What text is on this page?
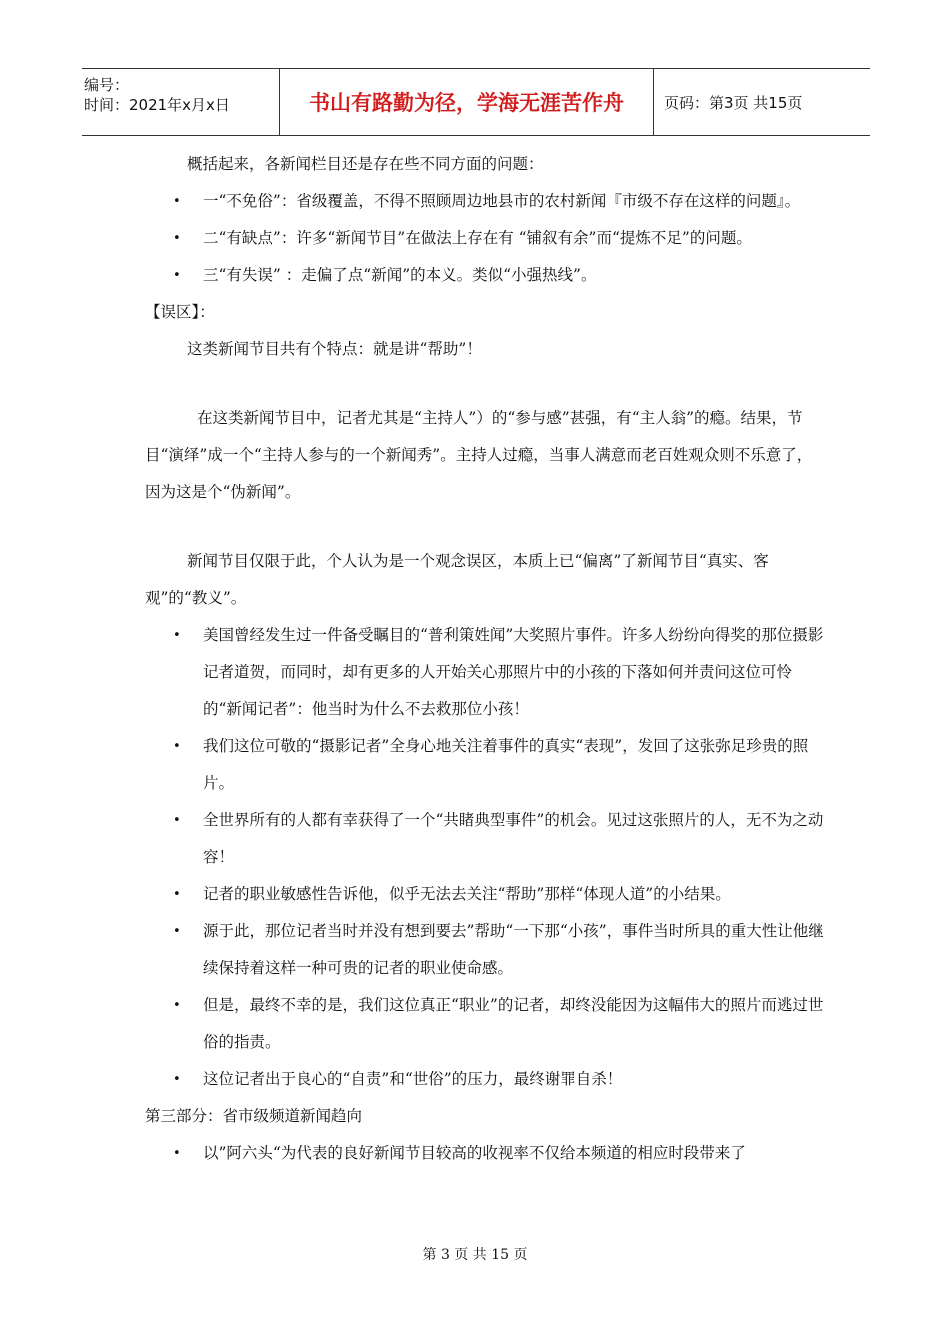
编号：
时间：2021年x月x日	书山有路勤为径，学海无涯苦作舟	页码：第3页 共15页

概括起来，各新闻栏目还是存在些不同方面的问题：

• 一“不免俗”：省级覆盖，不得不照顾周边地县市的农村新闻『市级不存在这样的问题』。

• 二“有缺点”：许多“新闻节目”在做法上存在有 “铺叙有余”而“提炼不足”的问题。

• 三“有失误” ：走偏了点“新闻”的本义。类似“小强热线”。

【误区】：

这类新闻节目共有个特点：就是讲“帮助”！

在这类新闻节目中，记者尤其是“主持人”）的“参与感”甚强，有“主人翁”的瘾。结果，节目“演绎”成一个“主持人参与的一个新闻秀”。主持人过瘾，当事人满意而老百姓观众则不乐意了，因为这是个“伪新闻”。

新闻节目仅限于此，个人认为是一个观念误区，本质上已“偏离”了新闻节目“真实、客观”的“教义”。

• 美国曾经发生过一件备受瞩目的“普利策姓闻”大奖照片事件。许多人纷纷向得奖的那位摄影记者道贺，而同时，却有更多的人开始关心那照片中的小孩的下落如何并责问这位可怜的“新闻记者”：他当时为什么不去救那位小孩！

• 我们这位可敬的“摄影记者”全身心地关注着事件的真实“表现”，发回了这张弥足珍贵的照片。

• 全世界所有的人都有幸获得了一个“共睹典型事件”的机会。见过这张照片的人，无不为之动容！

• 记者的职业敏感性告诉他，似乎无法去关注“帮助”那样“体现人道”的小结果。

• 源于此，那位记者当时并没有想到要去”帮助“一下那“小孩”，事件当时所具的重大性让他继续保持着这样一种可贵的记者的职业使命感。

• 但是，最终不幸的是，我们这位真正“职业”的记者，却终没能因为这幅伟大的照片而逃过世俗的指责。

• 这位记者出于良心的“自责”和“世俗”的压力，最终谢罪自杀！

第三部分：省市级频道新闻趋向

• 以”阿六头“为代表的良好新闻节目较高的收视率不仅给本频道的相应时段带来了

第 3 页 共 15 页
